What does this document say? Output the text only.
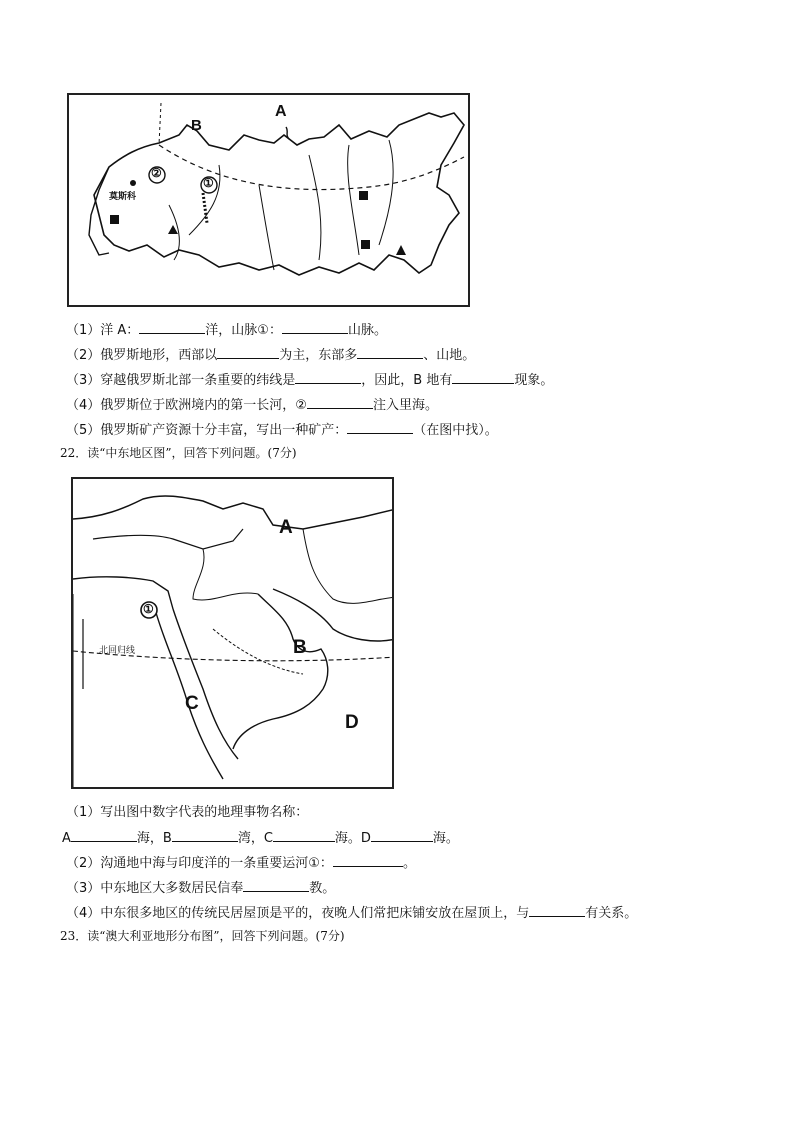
A
B
①
②
莫斯科
（1）洋 A：	洋，山脉①：	山脉。
（2）俄罗斯地形，西部以	为主，东部多	、山地。
（3）穿越俄罗斯北部一条重要的纬线是	，因此，B 地有	现象。
（4）俄罗斯位于欧洲境内的第一长河，②	注入里海。
（5）俄罗斯矿产资源十分丰富，写出一种矿产：	（在图中找）。
22．读“中东地区图”，回答下列问题。(7分)
A
B
C
D
①
北回归线
（1）写出图中数字代表的地理事物名称：
A	海，B	湾，C	海。D	海。
（2）沟通地中海与印度洋的一条重要运河①：	。
（3）中东地区大多数居民信奉	教。
（4）中东很多地区的传统民居屋顶是平的，夜晚人们常把床铺安放在屋顶上，与	有关系。
23．读“澳大利亚地形分布图”，回答下列问题。(7分)
